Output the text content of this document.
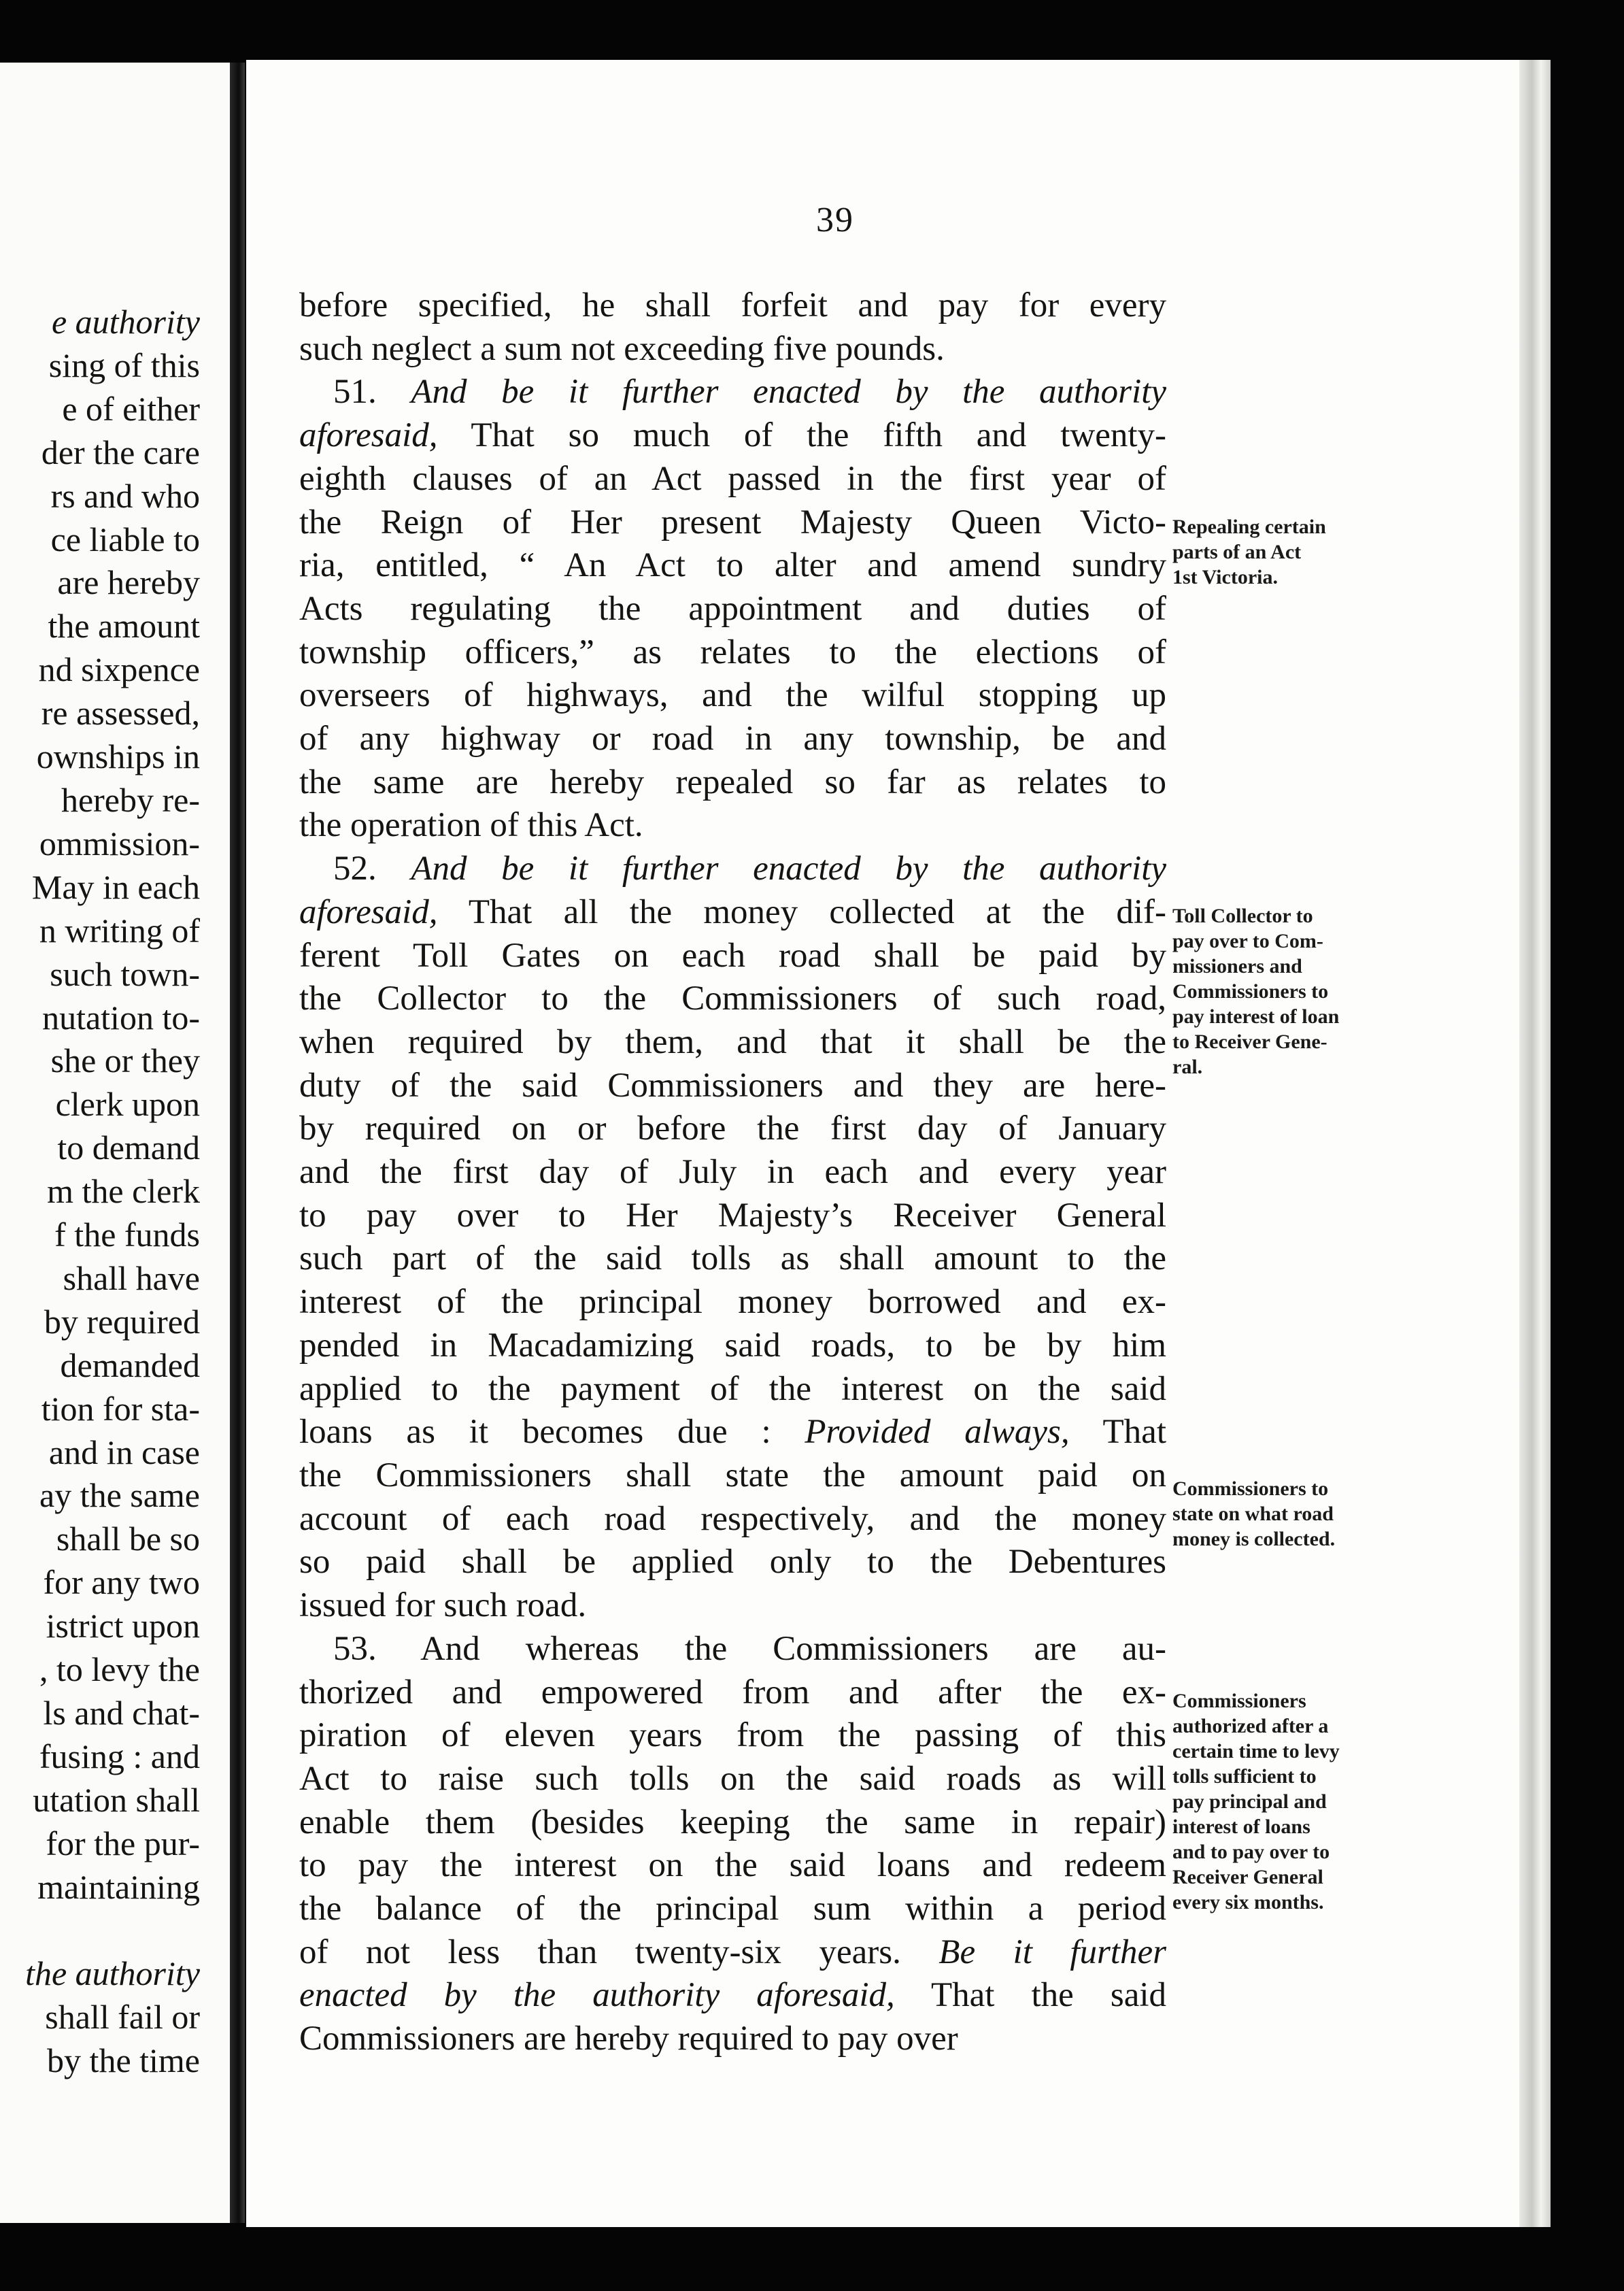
e authority
sing of this
e of either
der the care
rs and who
ce liable to
are hereby
the amount
nd sixpence
re assessed,
ownships in
hereby re-
ommission-
May in each
n writing of
such town-
nutation to-
she or they
clerk upon
to demand
m the clerk
f the funds
shall have
by required
demanded
tion for sta-
and in case
ay the same
shall be so
for any two
istrict upon
, to levy the
ls and chat-
fusing : and
utation shall
for the pur-
maintaining

the authority
shall fail or
by the time
39
before specified, he shall forfeit and pay for every
such neglect a sum not exceeding five pounds.
51. And be it further enacted by the authority
aforesaid, That so much of the fifth and twenty-
eighth clauses of an Act passed in the first year of
the Reign of Her present Majesty Queen Victo-
ria, entitled, “ An Act to alter and amend sundry
Acts regulating the appointment and duties of
township officers,” as relates to the elections of
overseers of highways, and the wilful stopping up
of any highway or road in any township, be and
the same are hereby repealed so far as relates to
the operation of this Act.
52. And be it further enacted by the authority
aforesaid, That all the money collected at the dif-
ferent Toll Gates on each road shall be paid by
the Collector to the Commissioners of such road,
when required by them, and that it shall be the
duty of the said Commissioners and they are here-
by required on or before the first day of January
and the first day of July in each and every year
to pay over to Her Majesty’s Receiver General
such part of the said tolls as shall amount to the
interest of the principal money borrowed and ex-
pended in Macadamizing said roads, to be by him
applied to the payment of the interest on the said
loans as it becomes due : Provided always, That
the Commissioners shall state the amount paid on
account of each road respectively, and the money
so paid shall be applied only to the Debentures
issued for such road.
53. And whereas the Commissioners are au-
thorized and empowered from and after the ex-
piration of eleven years from the passing of this
Act to raise such tolls on the said roads as will
enable them (besides keeping the same in repair)
to pay the interest on the said loans and redeem
the balance of the principal sum within a period
of not less than twenty-six years. Be it further
enacted by the authority aforesaid, That the said
Commissioners are hereby required to pay over
Repealing certain
parts of an Act
1st Victoria.
Toll Collector to
pay over to Com-
missioners and
Commissioners to
pay interest of loan
to Receiver Gene-
ral.
Commissioners to
state on what road
money is collected.
Commissioners
authorized after a
certain time to levy
tolls sufficient to
pay principal and
interest of loans
and to pay over to
Receiver General
every six months.
